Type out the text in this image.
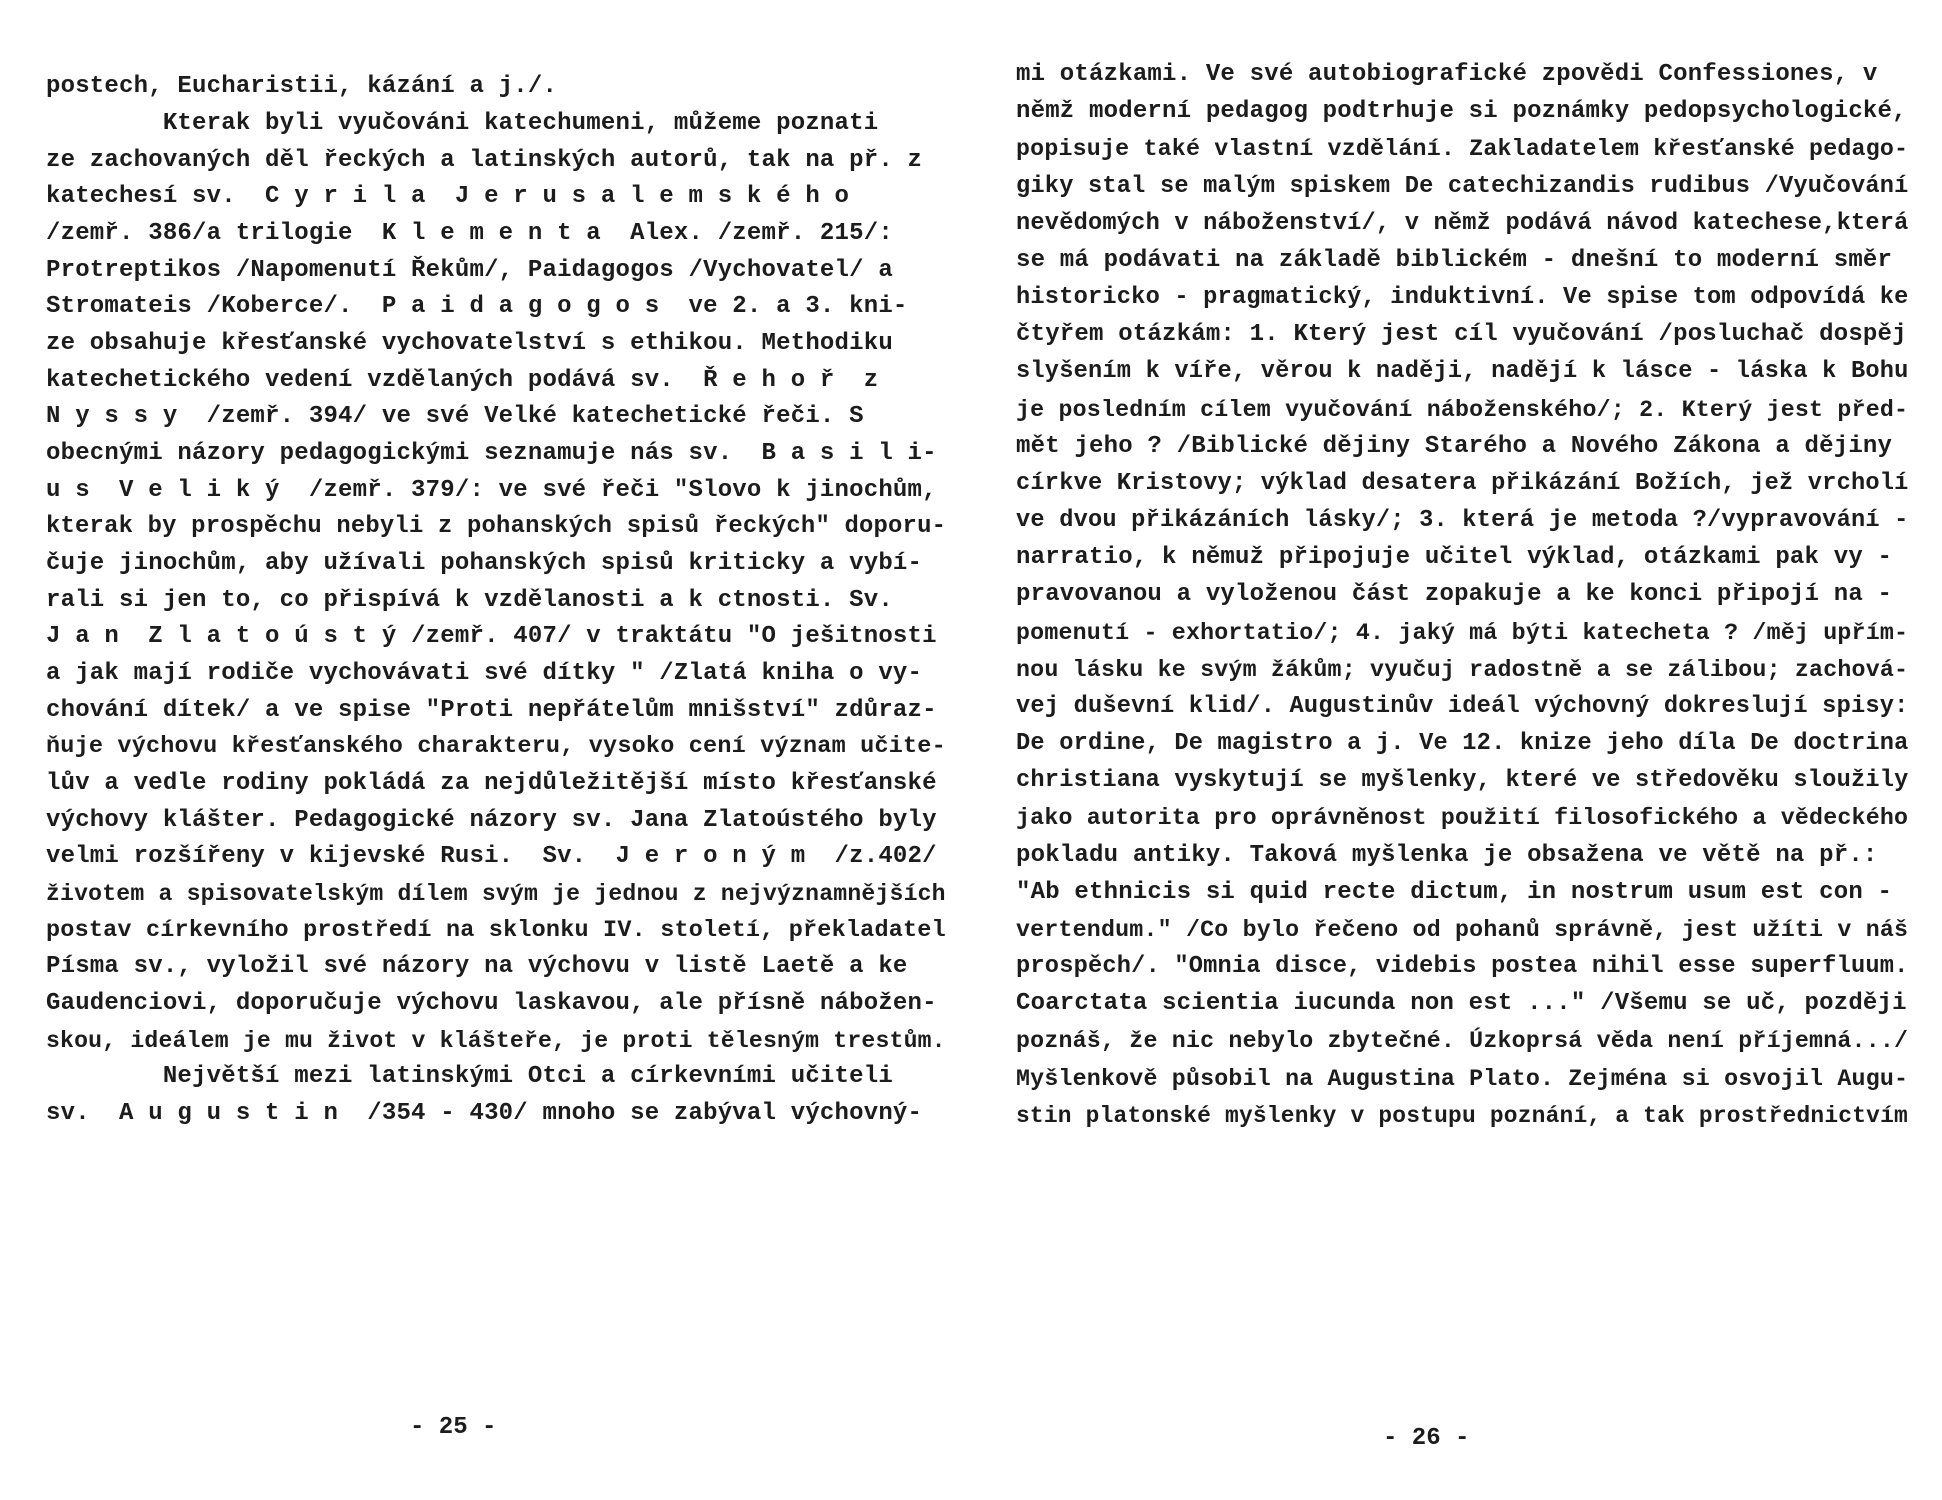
postech, Eucharistii, kázání a j./.
Kterak byli vyučováni katechumeni, můžeme poznati
ze zachovaných děl řeckých a latinských autorů, tak na př. z
katechesí sv.  C y r i l a  J e r u s a l e m s k é h o
/zemř. 386/a trilogie  K l e m e n t a  Alex. /zemř. 215/:
Protreptikos /Napomenutí Řekům/, Paidagogos /Vychovatel/ a
Stromateis /Koberce/.  P a i d a g o g o s  ve 2. a 3. kni-
ze obsahuje křesťanské vychovatelství s ethikou. Methodiku
katechetického vedení vzdělaných podává sv.  Ř e h o ř  z
N y s s y  /zemř. 394/ ve své Velké katechetické řeči. S
obecnými názory pedagogickými seznamuje nás sv.  B a s i l i-
u s  V e l i k ý  /zemř. 379/: ve své řeči "Slovo k jinochům,
kterak by prospěchu nebyli z pohanských spisů řeckých" doporu-
čuje jinochům, aby užívali pohanských spisů kriticky a vybí-
rali si jen to, co přispívá k vzdělanosti a k ctnosti. Sv.
J a n  Z l a t o ú s t ý /zemř. 407/ v traktátu "O ješitnosti
a jak mají rodiče vychovávati své dítky " /Zlatá kniha o vy-
chování dítek/ a ve spise "Proti nepřátelům mnišství" zdůraz-
ňuje výchovu křesťanského charakteru, vysoko cení význam učite-
lův a vedle rodiny pokládá za nejdůležitější místo křesťanské
výchovy klášter. Pedagogické názory sv. Jana Zlatoústého byly
velmi rozšířeny v kijevské Rusi.  Sv.  J e r o n ý m  /z.402/
životem a spisovatelským dílem svým je jednou z nejvýznamnějších
postav církevního prostředí na sklonku IV. století, překladatel
Písma sv., vyložil své názory na výchovu v listě Laetě a ke
Gaudenciovi, doporučuje výchovu laskavou, ale přísně nábožen-
skou, ideálem je mu život v klášteře, je proti tělesným trestům.
Největší mezi latinskými Otci a církevními učiteli
sv.  A u g u s t i n  /354 - 430/ mnoho se zabýval výchovný-
- 25 -
mi otázkami. Ve své autobiografické zpovědi Confessiones, v
němž moderní pedagog podtrhuje si poznámky pedopsychologické,
popisuje také vlastní vzdělání. Zakladatelem křesťanské pedago-
giky stal se malým spiskem De catechizandis rudibus /Vyučování
nevědomých v náboženství/, v němž podává návod katechese,která
se má podávati na základě biblickém - dnešní to moderní směr
historicko - pragmatický, induktivní. Ve spise tom odpovídá ke
čtyřem otázkám: 1. Který jest cíl vyučování /posluchač dospěj
slyšením k víře, věrou k naději, nadějí k lásce - láska k Bohu
je posledním cílem vyučování náboženského/; 2. Který jest před-
mět jeho ? /Biblické dějiny Starého a Nového Zákona a dějiny
církve Kristovy; výklad desatera přikázání Božích, jež vrcholí
ve dvou přikázáních lásky/; 3. která je metoda ?/vypravování -
narratio, k němuž připojuje učitel výklad, otázkami pak vy -
pravovanou a vyloženou část zopakuje a ke konci připojí na -
pomenutí - exhortatio/; 4. jaký má býti katecheta ? /měj upřím-
nou lásku ke svým žákům; vyučuj radostně a se zálibou; zachová-
vej duševní klid/. Augustinův ideál výchovný dokreslují spisy:
De ordine, De magistro a j. Ve 12. knize jeho díla De doctrina
christiana vyskytují se myšlenky, které ve středověku sloužily
jako autorita pro oprávněnost použití filosofického a vědeckého
pokladu antiky. Taková myšlenka je obsažena ve větě na př.:
"Ab ethnicis si quid recte dictum, in nostrum usum est con -
vertendum." /Co bylo řečeno od pohanů správně, jest užíti v náš
prospěch/. "Omnia disce, videbis postea nihil esse superfluum.
Coarctata scientia iucunda non est ..." /Všemu se uč, později
poznáš, že nic nebylo zbytečné. Úzkoprsá věda není příjemná.../
Myšlenkově působil na Augustina Plato. Zejména si osvojil Augu-
stin platonské myšlenky v postupu poznání, a tak prostřednictvím
- 26 -
